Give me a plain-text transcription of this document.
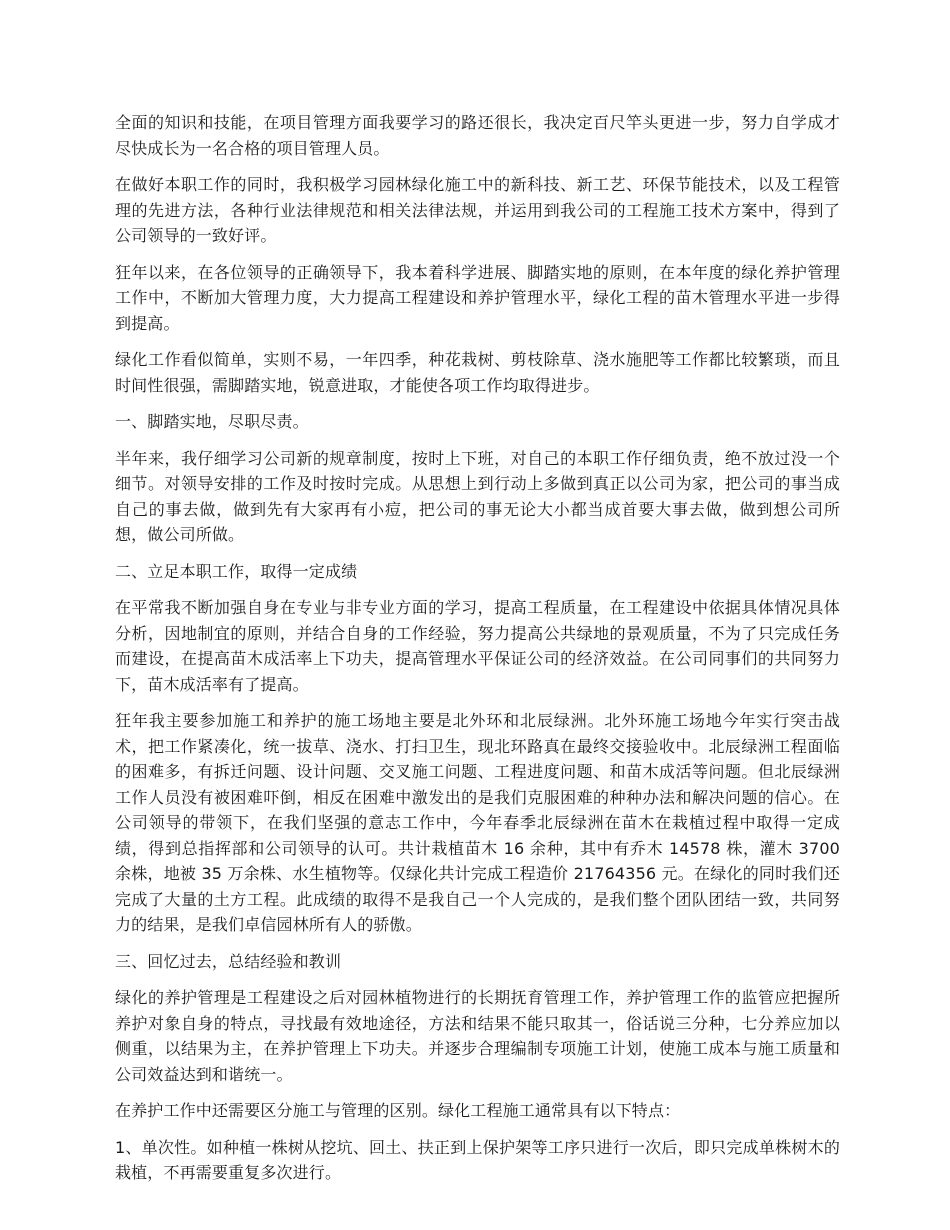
全面的知识和技能，在项目管理方面我要学习的路还很长，我决定百尺竿头更进一步，努力自学成才尽快成长为一名合格的项目管理人员。

在做好本职工作的同时，我积极学习园林绿化施工中的新科技、新工艺、环保节能技术，以及工程管理的先进方法，各种行业法律规范和相关法律法规，并运用到我公司的工程施工技术方案中，得到了公司领导的一致好评。

狂年以来，在各位领导的正确领导下，我本着科学进展、脚踏实地的原则，在本年度的绿化养护管理工作中，不断加大管理力度，大力提高工程建设和养护管理水平，绿化工程的苗木管理水平进一步得到提高。

绿化工作看似简单，实则不易，一年四季，种花栽树、剪枝除草、浇水施肥等工作都比较繁琐，而且时间性很强，需脚踏实地，锐意进取，才能使各项工作均取得进步。

一、脚踏实地，尽职尽责。

半年来，我仔细学习公司新的规章制度，按时上下班，对自己的本职工作仔细负责，绝不放过没一个细节。对领导安排的工作及时按时完成。从思想上到行动上多做到真正以公司为家，把公司的事当成自己的事去做，做到先有大家再有小痘，把公司的事无论大小都当成首要大事去做，做到想公司所想，做公司所做。

二、立足本职工作，取得一定成绩

在平常我不断加强自身在专业与非专业方面的学习，提高工程质量，在工程建设中依据具体情况具体分析，因地制宜的原则，并结合自身的工作经验，努力提高公共绿地的景观质量，不为了只完成任务而建设，在提高苗木成活率上下功夫，提高管理水平保证公司的经济效益。在公司同事们的共同努力下，苗木成活率有了提高。

狂年我主要参加施工和养护的施工场地主要是北外环和北辰绿洲。北外环施工场地今年实行突击战术，把工作紧凑化，统一拔草、浇水、打扫卫生，现北环路真在最终交接验收中。北辰绿洲工程面临的困难多，有拆迁问题、设计问题、交叉施工问题、工程进度问题、和苗木成活等问题。但北辰绿洲工作人员没有被困难吓倒，相反在困难中激发出的是我们克服困难的种种办法和解决问题的信心。在公司领导的带领下，在我们坚强的意志工作中，今年春季北辰绿洲在苗木在栽植过程中取得一定成绩，得到总指挥部和公司领导的认可。共计栽植苗木 16 余种，其中有乔木 14578 株，灌木 3700 余株，地被 35 万余株、水生植物等。仅绿化共计完成工程造价 21764356 元。在绿化的同时我们还完成了大量的土方工程。此成绩的取得不是我自己一个人完成的，是我们整个团队团结一致，共同努力的结果，是我们卓信园林所有人的骄傲。

三、回忆过去，总结经验和教训

绿化的养护管理是工程建设之后对园林植物进行的长期抚育管理工作，养护管理工作的监管应把握所养护对象自身的特点，寻找最有效地途径，方法和结果不能只取其一，俗话说三分种，七分养应加以侧重，以结果为主，在养护管理上下功夫。并逐步合理编制专项施工计划，使施工成本与施工质量和公司效益达到和谐统一。

在养护工作中还需要区分施工与管理的区别。绿化工程施工通常具有以下特点：

1、单次性。如种植一株树从挖坑、回土、扶正到上保护架等工序只进行一次后，即只完成单株树木的栽植，不再需要重复多次进行。
